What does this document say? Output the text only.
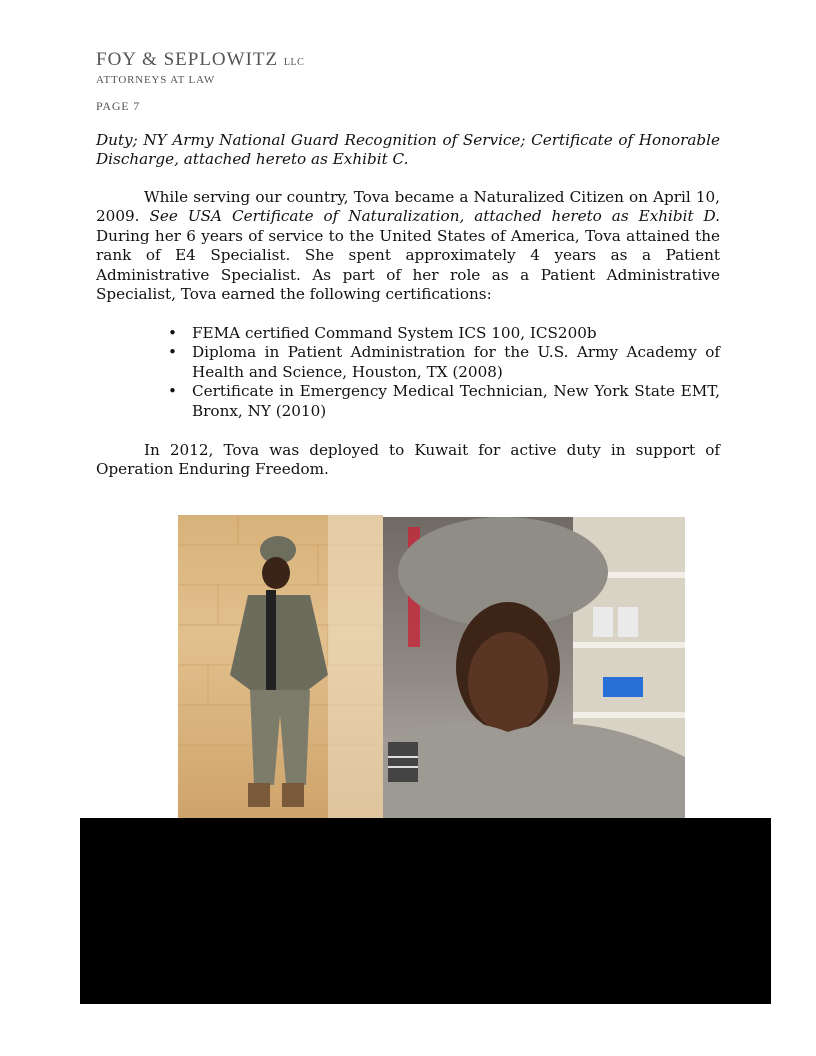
FOY & SEPLOWITZ LLC
ATTORNEYS AT LAW
PAGE 7
Duty; NY Army National Guard Recognition of Service; Certificate of Honorable Discharge, attached hereto as Exhibit C.
While serving our country, Tova became a Naturalized Citizen on April 10, 2009. See USA Certificate of Naturalization, attached hereto as Exhibit D. During her 6 years of service to the United States of America, Tova attained the rank of E4 Specialist. She spent approximately 4 years as a Patient Administrative Specialist. As part of her role as a Patient Administrative Specialist, Tova earned the following certifications:
• FEMA certified Command System ICS 100, ICS200b
• Diploma in Patient Administration for the U.S. Army Academy of Health and Science, Houston, TX (2008)
• Certificate in Emergency Medical Technician, New York State EMT, Bronx, NY (2010)
In 2012, Tova was deployed to Kuwait for active duty in support of Operation Enduring Freedom.
